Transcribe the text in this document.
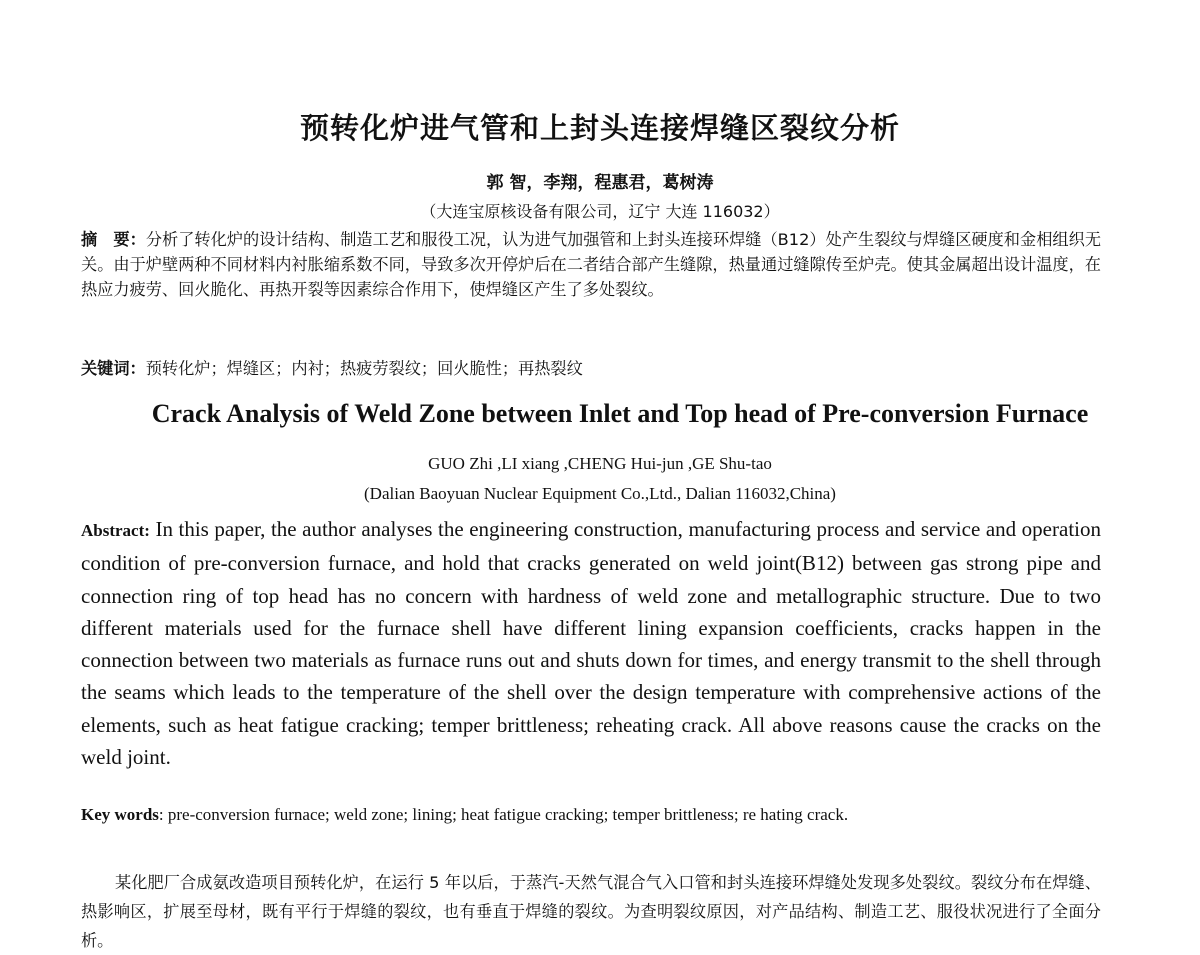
预转化炉进气管和上封头连接焊缝区裂纹分析
郭 智，李翔，程惠君，葛树涛
（大连宝原核设备有限公司，辽宁 大连 116032）
摘　要：分析了转化炉的设计结构、制造工艺和服役工况，认为进气加强管和上封头连接环焊缝（B12）处产生裂纹与焊缝区硬度和金相组织无关。由于炉壁两种不同材料内衬胀缩系数不同，导致多次开停炉后在二者结合部产生缝隙，热量通过缝隙传至炉壳。使其金属超出设计温度，在热应力疲劳、回火脆化、再热开裂等因素综合作用下，使焊缝区产生了多处裂纹。
关键词：预转化炉；焊缝区；内衬；热疲劳裂纹；回火脆性；再热裂纹
Crack Analysis of Weld Zone between Inlet and Top head of Pre-conversion Furnace
GUO Zhi ,LI xiang ,CHENG Hui-jun ,GE Shu-tao
(Dalian Baoyuan Nuclear Equipment Co.,Ltd., Dalian 116032,China)
Abstract: In this paper, the author analyses the engineering construction, manufacturing process and service and operation condition of pre-conversion furnace, and hold that cracks generated on weld joint(B12) between gas strong pipe and connection ring of top head has no concern with hardness of weld zone and metallographic structure. Due to two different materials used for the furnace shell have different lining expansion coefficients, cracks happen in the connection between two materials as furnace runs out and shuts down for times, and energy transmit to the shell through the seams which leads to the temperature of the shell over the design temperature with comprehensive actions of the elements, such as heat fatigue cracking; temper brittleness; reheating crack. All above reasons cause the cracks on the weld joint.
Key words: pre-conversion furnace; weld zone; lining; heat fatigue cracking; temper brittleness; re hating crack.
某化肥厂合成氨改造项目预转化炉，在运行 5 年以后，于蒸汽-天然气混合气入口管和封头连接环焊缝处发现多处裂纹。裂纹分布在焊缝、热影响区，扩展至母材，既有平行于焊缝的裂纹，也有垂直于焊缝的裂纹。为查明裂纹原因，对产品结构、制造工艺、服役状况进行了全面分析。
